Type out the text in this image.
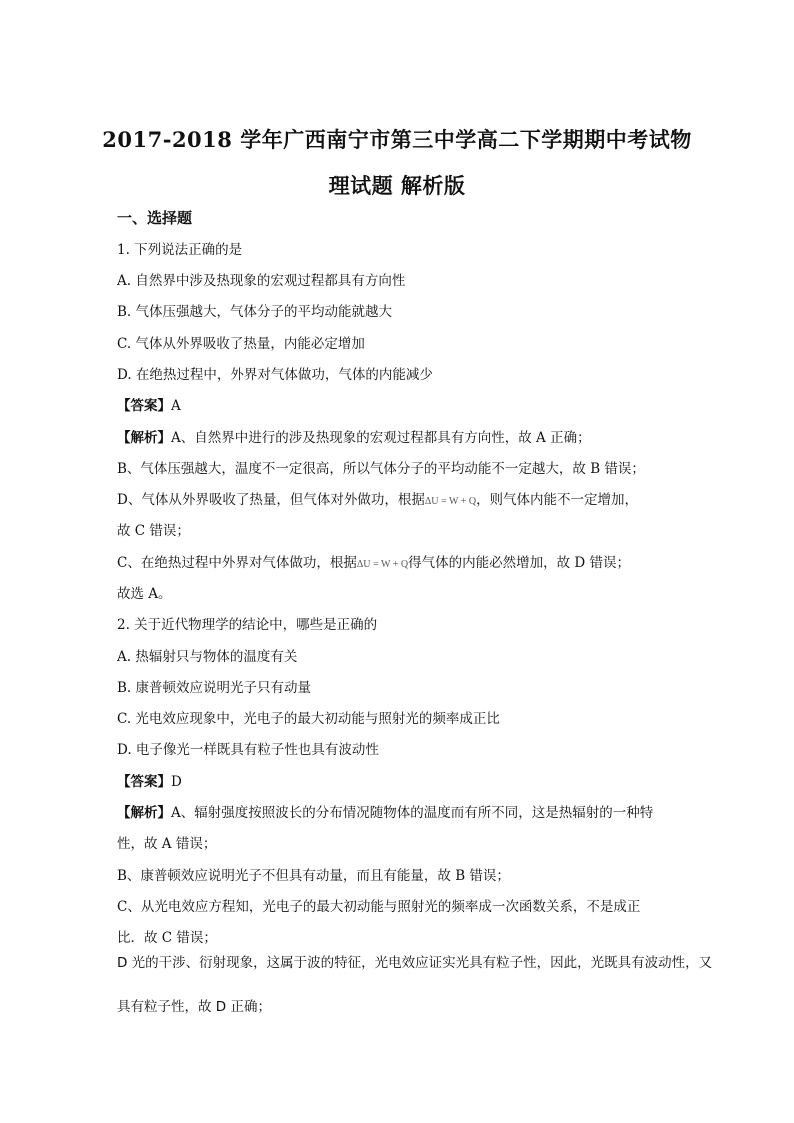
2017-2018 学年广西南宁市第三中学高二下学期期中考试物
理试题 解析版
一、选择题
1. 下列说法正确的是
A. 自然界中涉及热现象的宏观过程都具有方向性
B. 气体压强越大，气体分子的平均动能就越大
C. 气体从外界吸收了热量，内能必定增加
D. 在绝热过程中，外界对气体做功，气体的内能减少
【答案】A
【解析】A、自然界中进行的涉及热现象的宏观过程都具有方向性，故 A 正确；
B、气体压强越大，温度不一定很高，所以气体分子的平均动能不一定越大，故 B 错误；
D、气体从外界吸收了热量，但气体对外做功，根据ΔU = W + Q，则气体内能不一定增加，
故 C 错误；
C、在绝热过程中外界对气体做功，根据ΔU = W + Q得气体的内能必然增加，故 D 错误；
故选 A。
2. 关于近代物理学的结论中，哪些是正确的
A. 热辐射只与物体的温度有关
B. 康普顿效应说明光子只有动量
C. 光电效应现象中，光电子的最大初动能与照射光的频率成正比
D. 电子像光一样既具有粒子性也具有波动性
【答案】D
【解析】A、辐射强度按照波长的分布情况随物体的温度而有所不同，这是热辐射的一种特
性，故 A 错误；
B、康普顿效应说明光子不但具有动量，而且有能量，故 B 错误；
C、从光电效应方程知，光电子的最大初动能与照射光的频率成一次函数关系，不是成正
比．故 C 错误；
D 光的干涉、衍射现象，这属于波的特征，光电效应证实光具有粒子性，因此，光既具有波动性，又
具有粒子性，故 D 正确；
